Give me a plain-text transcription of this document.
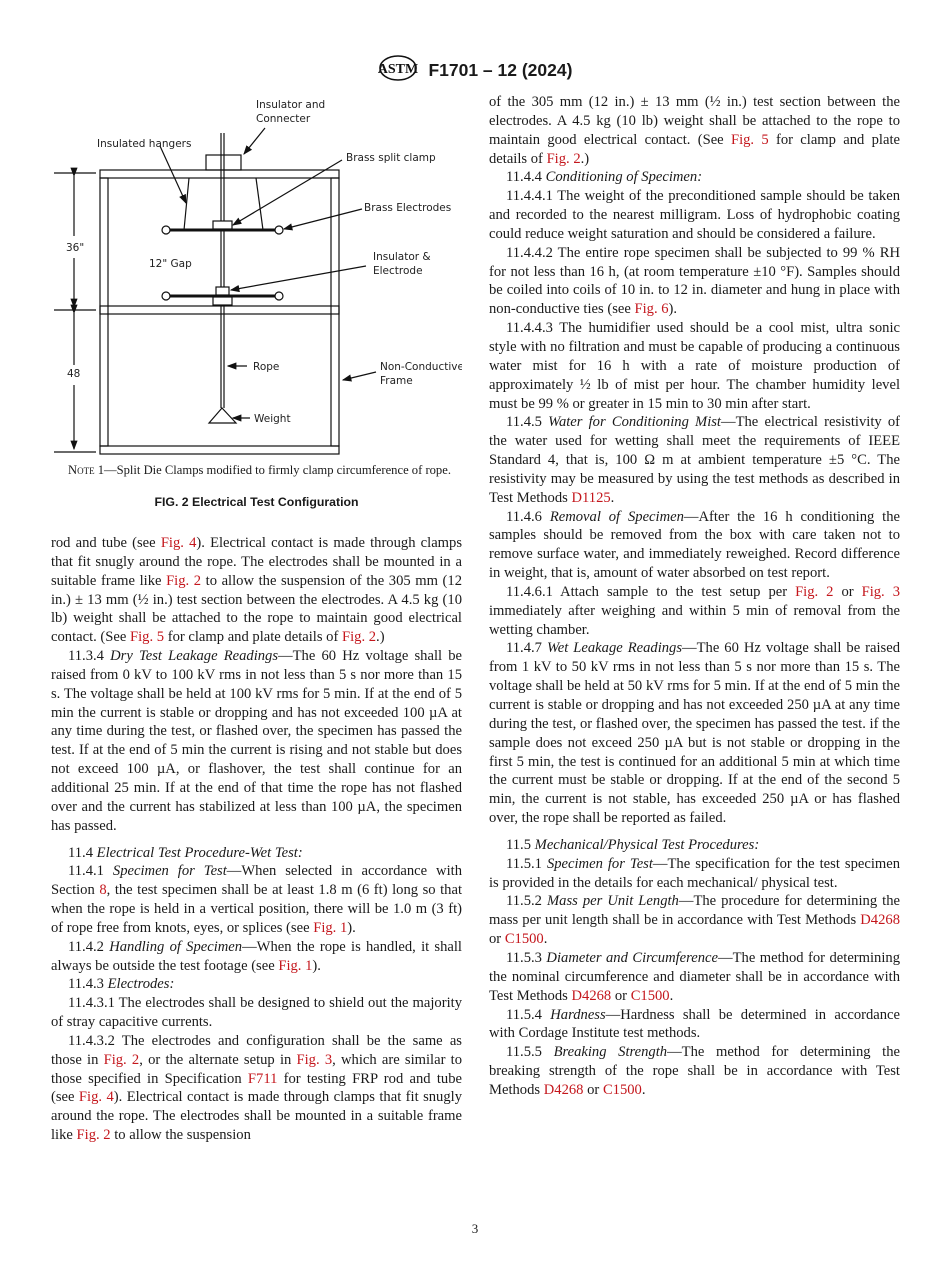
ASTM F1701 – 12 (2024)
Insulator and
Connecter
Insulated hangers
Brass split clamp
Brass Electrodes
Insulator &
Electrode
12" Gap
36"
48
Rope
Weight
Non-Conductive
Frame
Note 1—Split Die Clamps modified to firmly clamp circumference of rope.
FIG. 2 Electrical Test Configuration

rod and tube (see Fig. 4). Electrical contact is made through clamps that fit snugly around the rope. The electrodes shall be mounted in a suitable frame like Fig. 2 to allow the suspension of the 305 mm (12 in.) ± 13 mm (½ in.) test section between the electrodes. A 4.5 kg (10 lb) weight shall be attached to the rope to maintain good electrical contact. (See Fig. 5 for clamp and plate details of Fig. 2.)

11.3.4 Dry Test Leakage Readings—The 60 Hz voltage shall be raised from 0 kV to 100 kV rms in not less than 5 s nor more than 15 s. The voltage shall be held at 100 kV rms for 5 min. If at the end of 5 min the current is stable or dropping and has not exceeded 100 µA at any time during the test, or flashed over, the specimen has passed the test. If at the end of 5 min the current is rising and not stable but does not exceed 100 µA, or flashover, the test shall continue for an additional 25 min. If at the end of that time the rope has not flashed over and the current has stabilized at less than 100 µA, the specimen has passed.

11.4 Electrical Test Procedure-Wet Test:

11.4.1 Specimen for Test—When selected in accordance with Section 8, the test specimen shall be at least 1.8 m (6 ft) long so that when the rope is held in a vertical position, there will be 1.0 m (3 ft) of rope free from knots, eyes, or splices (see Fig. 1).

11.4.2 Handling of Specimen—When the rope is handled, it shall always be outside the test footage (see Fig. 1).

11.4.3 Electrodes:

11.4.3.1 The electrodes shall be designed to shield out the majority of stray capacitive currents.

11.4.3.2 The electrodes and configuration shall be the same as those in Fig. 2, or the alternate setup in Fig. 3, which are similar to those specified in Specification F711 for testing FRP rod and tube (see Fig. 4). Electrical contact is made through clamps that fit snugly around the rope. The electrodes shall be mounted in a suitable frame like Fig. 2 to allow the suspension

of the 305 mm (12 in.) ± 13 mm (½ in.) test section between the electrodes. A 4.5 kg (10 lb) weight shall be attached to the rope to maintain good electrical contact. (See Fig. 5 for clamp and plate details of Fig. 2.)

11.4.4 Conditioning of Specimen:

11.4.4.1 The weight of the preconditioned sample should be taken and recorded to the nearest milligram. Loss of hydrophobic coating could reduce weight saturation and should be considered a failure.

11.4.4.2 The entire rope specimen shall be subjected to 99 % RH for not less than 16 h, (at room temperature ±10 °F). Samples should be coiled into coils of 10 in. to 12 in. diameter and hung in place with non-conductive ties (see Fig. 6).

11.4.4.3 The humidifier used should be a cool mist, ultra sonic style with no filtration and must be capable of producing a continuous water mist for 16 h with a rate of moisture production of approximately ½ lb of mist per hour. The chamber humidity level must be 99 % or greater in 15 min to 30 min after start.

11.4.5 Water for Conditioning Mist—The electrical resistivity of the water used for wetting shall meet the requirements of IEEE Standard 4, that is, 100 Ω m at ambient temperature ±5 °C. The resistivity may be measured by using the test methods as described in Test Methods D1125.

11.4.6 Removal of Specimen—After the 16 h conditioning the samples should be removed from the box with care taken not to remove surface water, and immediately reweighed. Record difference in weight, that is, amount of water absorbed on test report.

11.4.6.1 Attach sample to the test setup per Fig. 2 or Fig. 3 immediately after weighing and within 5 min of removal from the wetting chamber.

11.4.7 Wet Leakage Readings—The 60 Hz voltage shall be raised from 1 kV to 50 kV rms in not less than 5 s nor more than 15 s. The voltage shall be held at 50 kV rms for 5 min. If at the end of 5 min the current is stable or dropping and has not exceeded 250 µA at any time during the test, or flashed over, the specimen has passed the test. if the sample does not exceed 250 µA but is not stable or dropping in the first 5 min, the test is continued for an additional 5 min at which time the current must be stable or dropping. If at the end of the second 5 min, the current is not stable, has exceeded 250 µA or has flashed over, the rope shall be reported as failed.

11.5 Mechanical/Physical Test Procedures:

11.5.1 Specimen for Test—The specification for the test specimen is provided in the details for each mechanical/ physical test.

11.5.2 Mass per Unit Length—The procedure for determining the mass per unit length shall be in accordance with Test Methods D4268 or C1500.

11.5.3 Diameter and Circumference—The method for determining the nominal circumference and diameter shall be in accordance with Test Methods D4268 or C1500.

11.5.4 Hardness—Hardness shall be determined in accordance with Cordage Institute test methods.

11.5.5 Breaking Strength—The method for determining the breaking strength of the rope shall be in accordance with Test Methods D4268 or C1500.

3
